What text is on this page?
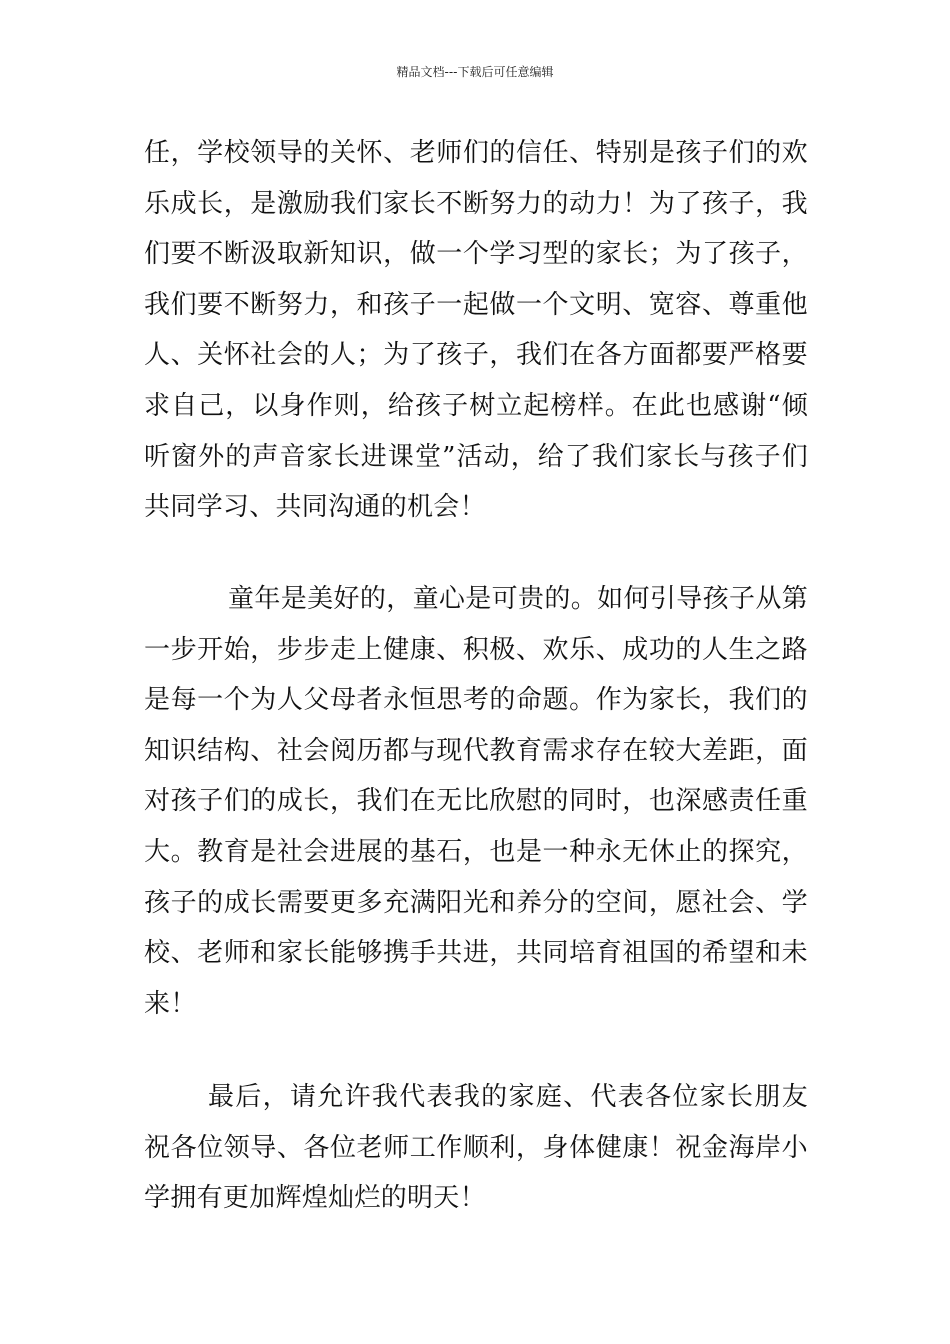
精品文档---下载后可任意编辑

任，学校领导的关怀、老师们的信任、特别是孩子们的欢乐成长，是激励我们家长不断努力的动力！为了孩子，我们要不断汲取新知识，做一个学习型的家长；为了孩子，我们要不断努力，和孩子一起做一个文明、宽容、尊重他人、关怀社会的人；为了孩子，我们在各方面都要严格要求自己，以身作则，给孩子树立起榜样。在此也感谢“倾听窗外的声音家长进课堂”活动，给了我们家长与孩子们共同学习、共同沟通的机会！

童年是美好的，童心是可贵的。如何引导孩子从第一步开始，步步走上健康、积极、欢乐、成功的人生之路是每一个为人父母者永恒思考的命题。作为家长，我们的知识结构、社会阅历都与现代教育需求存在较大差距，面对孩子们的成长，我们在无比欣慰的同时，也深感责任重大。教育是社会进展的基石，也是一种永无休止的探究，孩子的成长需要更多充满阳光和养分的空间，愿社会、学校、老师和家长能够携手共进，共同培育祖国的希望和未来！

最后，请允许我代表我的家庭、代表各位家长朋友祝各位领导、各位老师工作顺利，身体健康！祝金海岸小学拥有更加辉煌灿烂的明天！
